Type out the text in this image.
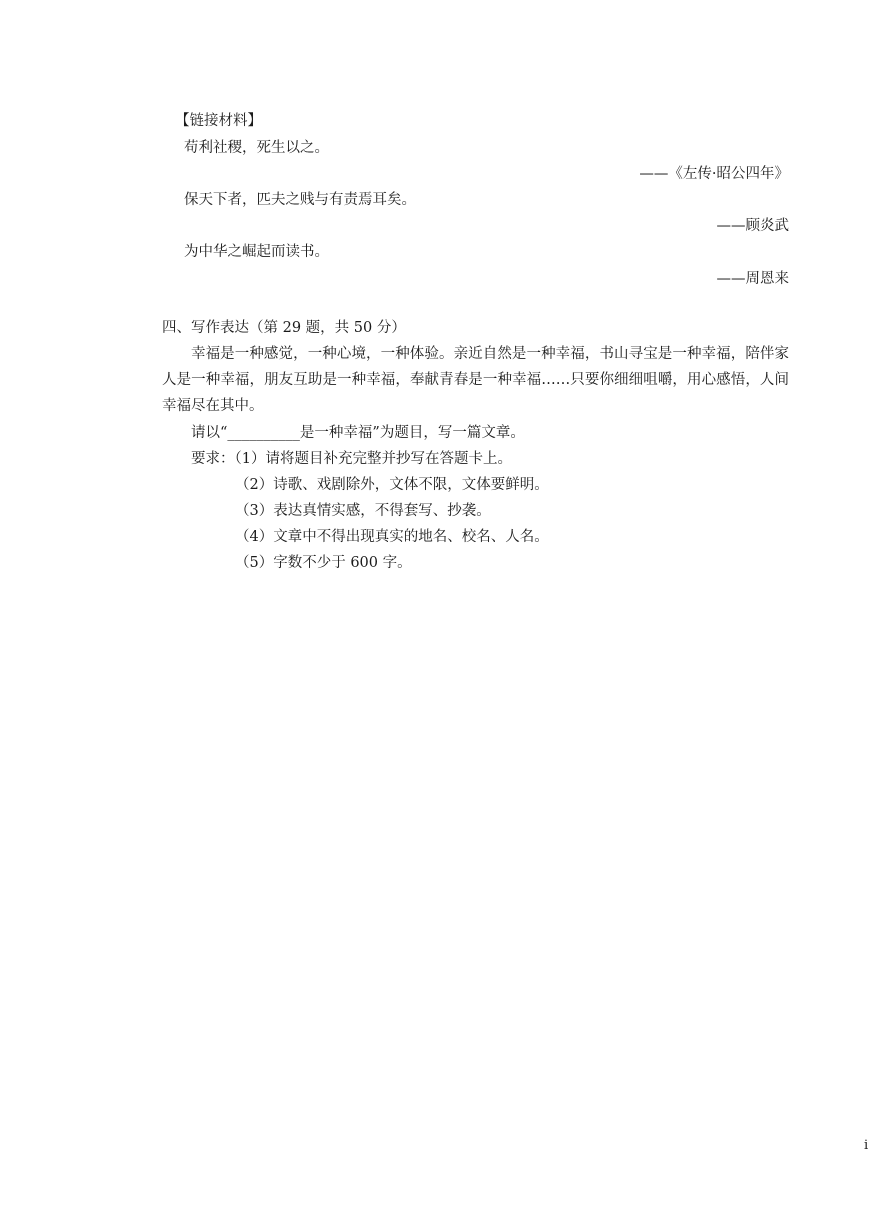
【链接材料】
苟利社稷，死生以之。
——《左传·昭公四年》
保天下者，匹夫之贱与有责焉耳矣。
——顾炎武
为中华之崛起而读书。
——周恩来
四、写作表达（第 29 题，共 50 分）
幸福是一种感觉，一种心境，一种体验。亲近自然是一种幸福，书山寻宝是一种幸福，陪伴家人是一种幸福，朋友互助是一种幸福，奉献青春是一种幸福……只要你细细咀嚼，用心感悟，人间幸福尽在其中。
请以“__________是一种幸福”为题目，写一篇文章。
要求：（1）请将题目补充完整并抄写在答题卡上。
（2）诗歌、戏剧除外，文体不限，文体要鲜明。
（3）表达真情实感，不得套写、抄袭。
（4）文章中不得出现真实的地名、校名、人名。
（5）字数不少于 600 字。
i
